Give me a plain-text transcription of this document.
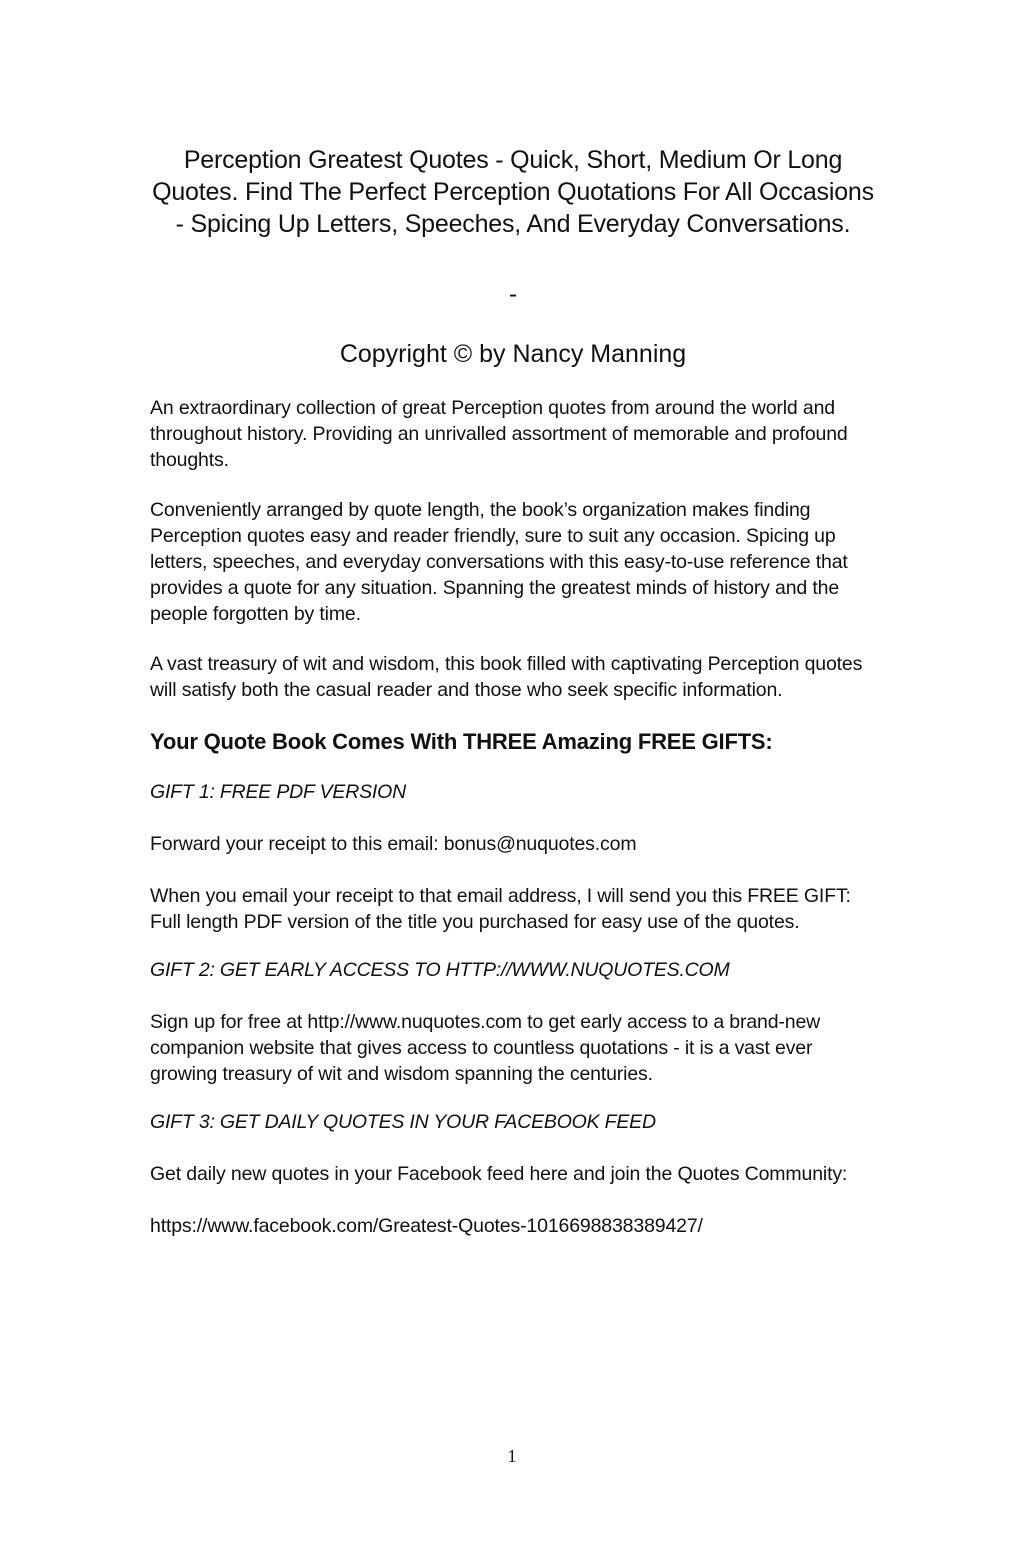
Perception Greatest Quotes - Quick, Short, Medium Or Long Quotes. Find The Perfect Perception Quotations For All Occasions - Spicing Up Letters, Speeches, And Everyday Conversations.
-
Copyright © by Nancy Manning

An extraordinary collection of great Perception quotes from around the world and throughout history. Providing an unrivalled assortment of memorable and profound thoughts.

Conveniently arranged by quote length, the book’s organization makes finding Perception quotes easy and reader friendly, sure to suit any occasion. Spicing up letters, speeches, and everyday conversations with this easy-to-use reference that provides a quote for any situation. Spanning the greatest minds of history and the people forgotten by time.

A vast treasury of wit and wisdom, this book filled with captivating Perception quotes will satisfy both the casual reader and those who seek specific information.

Your Quote Book Comes With THREE Amazing FREE GIFTS:
GIFT 1: FREE PDF VERSION

Forward your receipt to this email: bonus@nuquotes.com

When you email your receipt to that email address, I will send you this FREE GIFT: Full length PDF version of the title you purchased for easy use of the quotes.

GIFT 2: GET EARLY ACCESS TO HTTP://WWW.NUQUOTES.COM

Sign up for free at http://www.nuquotes.com to get early access to a brand-new companion website that gives access to countless quotations - it is a vast ever growing treasury of wit and wisdom spanning the centuries.

GIFT 3: GET DAILY QUOTES IN YOUR FACEBOOK FEED

Get daily new quotes in your Facebook feed here and join the Quotes Community:

https://www.facebook.com/Greatest-Quotes-1016698838389427/

1
